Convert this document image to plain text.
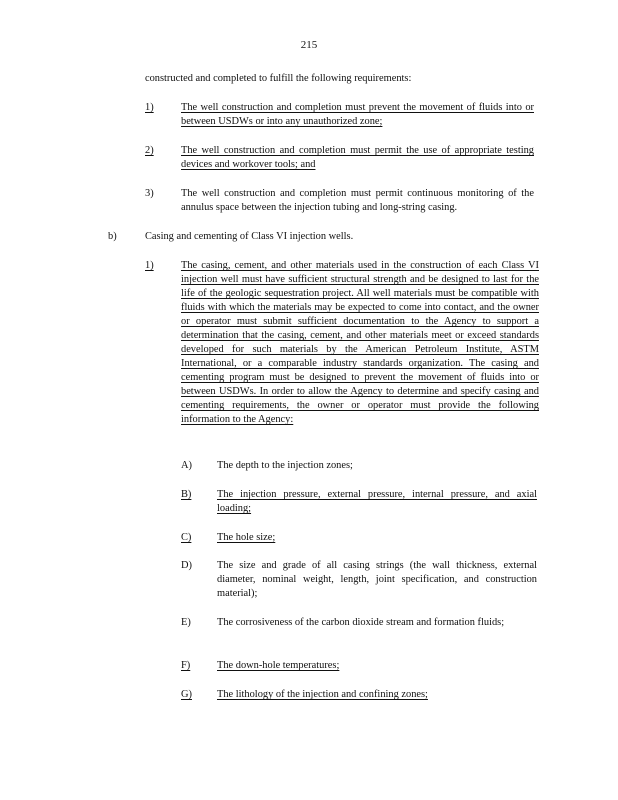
215
constructed and completed to fulfill the following requirements:
1)	The well construction and completion must prevent the movement of fluids into or between USDWs or into any unauthorized zone;
2)	The well construction and completion must permit the use of appropriate testing devices and workover tools; and
3)	The well construction and completion must permit continuous monitoring of the annulus space between the injection tubing and long-string casing.
b)	Casing and cementing of Class VI injection wells.
1)	The casing, cement, and other materials used in the construction of each Class VI injection well must have sufficient structural strength and be designed to last for the life of the geologic sequestration project. All well materials must be compatible with fluids with which the materials may be expected to come into contact, and the owner or operator must submit sufficient documentation to the Agency to support a determination that the casing, cement, and other materials meet or exceed standards developed for such materials by the American Petroleum Institute, ASTM International, or a comparable industry standards organization. The casing and cementing program must be designed to prevent the movement of fluids into or between USDWs. In order to allow the Agency to determine and specify casing and cementing requirements, the owner or operator must provide the following information to the Agency:
A) The depth to the injection zones;
B) The injection pressure, external pressure, internal pressure, and axial loading;
C) The hole size;
D) The size and grade of all casing strings (the wall thickness, external diameter, nominal weight, length, joint specification, and construction material);
E)	The corrosiveness of the carbon dioxide stream and formation fluids;
F)	The down-hole temperatures;
G) The lithology of the injection and confining zones;
